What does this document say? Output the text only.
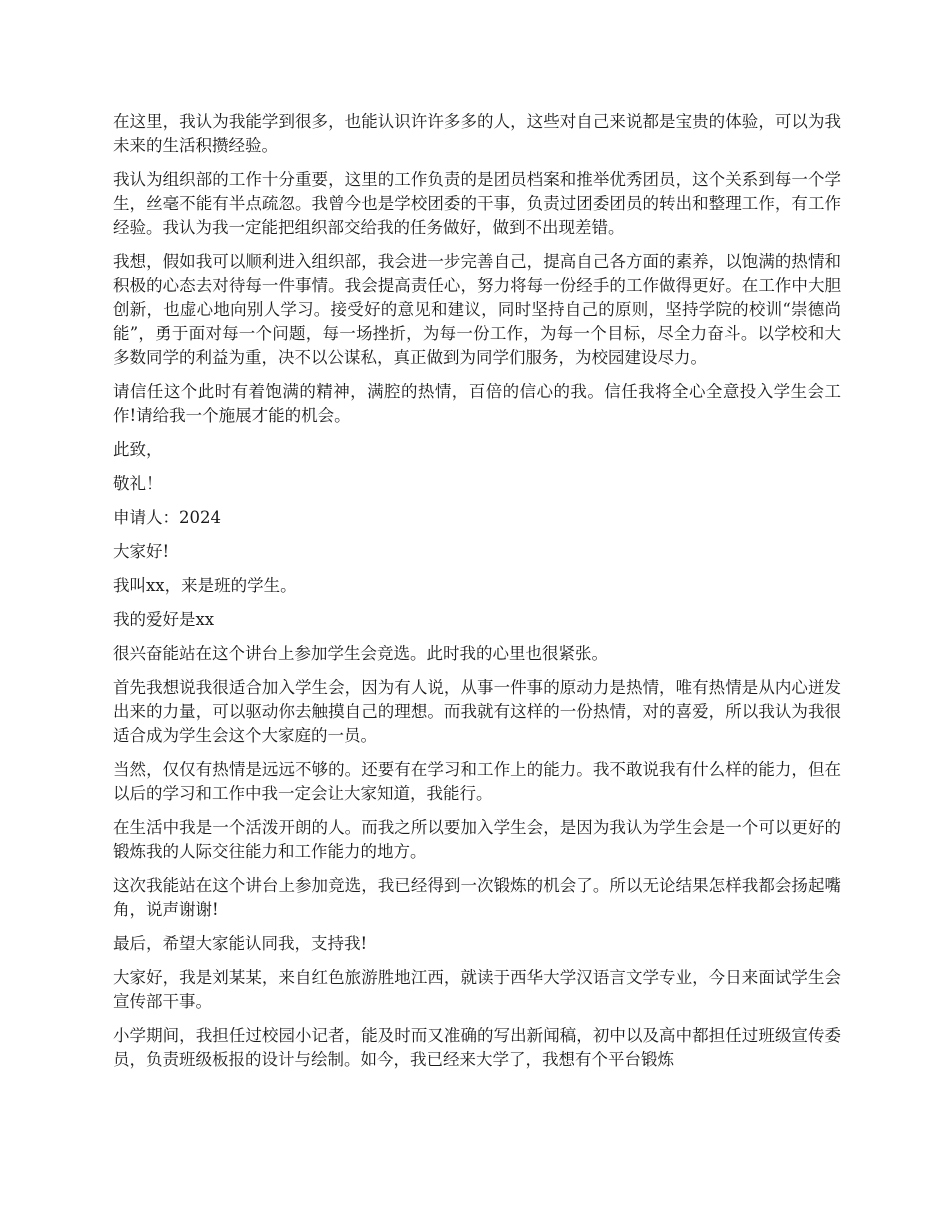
在这里，我认为我能学到很多，也能认识许许多多的人，这些对自己来说都是宝贵的体验，可以为我未来的生活积攒经验。

我认为组织部的工作十分重要，这里的工作负责的是团员档案和推举优秀团员，这个关系到每一个学生，丝毫不能有半点疏忽。我曾今也是学校团委的干事，负责过团委团员的转出和整理工作，有工作经验。我认为我一定能把组织部交给我的任务做好，做到不出现差错。

我想，假如我可以顺利进入组织部，我会进一步完善自己，提高自己各方面的素养，以饱满的热情和积极的心态去对待每一件事情。我会提高责任心，努力将每一份经手的工作做得更好。在工作中大胆创新，也虚心地向别人学习。接受好的意见和建议，同时坚持自己的原则，坚持学院的校训“崇德尚能”，勇于面对每一个问题，每一场挫折，为每一份工作，为每一个目标，尽全力奋斗。以学校和大多数同学的利益为重，决不以公谋私，真正做到为同学们服务，为校园建设尽力。

请信任这个此时有着饱满的精神，满腔的热情，百倍的信心的我。信任我将全心全意投入学生会工作!请给我一个施展才能的机会。

此致，

敬礼！

申请人：2024

大家好!

我叫xx，来是班的学生。

我的爱好是xx

很兴奋能站在这个讲台上参加学生会竞选。此时我的心里也很紧张。

首先我想说我很适合加入学生会，因为有人说，从事一件事的原动力是热情，唯有热情是从内心迸发出来的力量，可以驱动你去触摸自己的理想。而我就有这样的一份热情，对的喜爱，所以我认为我很适合成为学生会这个大家庭的一员。

当然，仅仅有热情是远远不够的。还要有在学习和工作上的能力。我不敢说我有什么样的能力，但在以后的学习和工作中我一定会让大家知道，我能行。

在生活中我是一个活泼开朗的人。而我之所以要加入学生会，是因为我认为学生会是一个可以更好的锻炼我的人际交往能力和工作能力的地方。

这次我能站在这个讲台上参加竞选，我已经得到一次锻炼的机会了。所以无论结果怎样我都会扬起嘴角，说声谢谢!

最后，希望大家能认同我，支持我!

大家好，我是刘某某，来自红色旅游胜地江西，就读于西华大学汉语言文学专业，今日来面试学生会宣传部干事。

小学期间，我担任过校园小记者，能及时而又准确的写出新闻稿，初中以及高中都担任过班级宣传委员，负责班级板报的设计与绘制。如今，我已经来大学了，我想有个平台锻炼
